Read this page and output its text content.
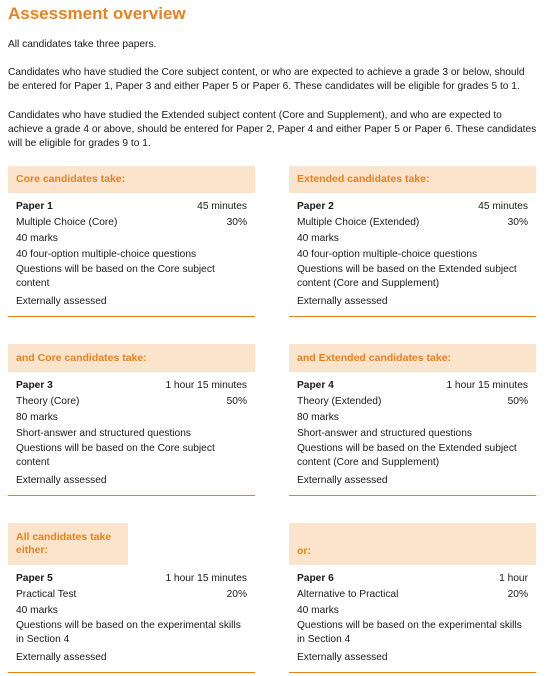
Assessment overview
All candidates take three papers.
Candidates who have studied the Core subject content, or who are expected to achieve a grade 3 or below, should be entered for Paper 1, Paper 3 and either Paper 5 or Paper 6. These candidates will be eligible for grades 5 to 1.
Candidates who have studied the Extended subject content (Core and Supplement), and who are expected to achieve a grade 4 or above, should be entered for Paper 2, Paper 4 and either Paper 5 or Paper 6. These candidates will be eligible for grades 9 to 1.
Core candidates take:
Paper 1	45 minutes
Multiple Choice (Core)	30%
40 marks
40 four-option multiple-choice questions
Questions will be based on the Core subject content
Externally assessed
Extended candidates take:
Paper 2	45 minutes
Multiple Choice (Extended)	30%
40 marks
40 four-option multiple-choice questions
Questions will be based on the Extended subject content (Core and Supplement)
Externally assessed
and Core candidates take:
Paper 3	1 hour 15 minutes
Theory (Core)	50%
80 marks
Short-answer and structured questions
Questions will be based on the Core subject content
Externally assessed
and Extended candidates take:
Paper 4	1 hour 15 minutes
Theory (Extended)	50%
80 marks
Short-answer and structured questions
Questions will be based on the Extended subject content (Core and Supplement)
Externally assessed
All candidates take either:
Paper 5	1 hour 15 minutes
Practical Test	20%
40 marks
Questions will be based on the experimental skills in Section 4
Externally assessed
or:
Paper 6	1 hour
Alternative to Practical	20%
40 marks
Questions will be based on the experimental skills in Section 4
Externally assessed
